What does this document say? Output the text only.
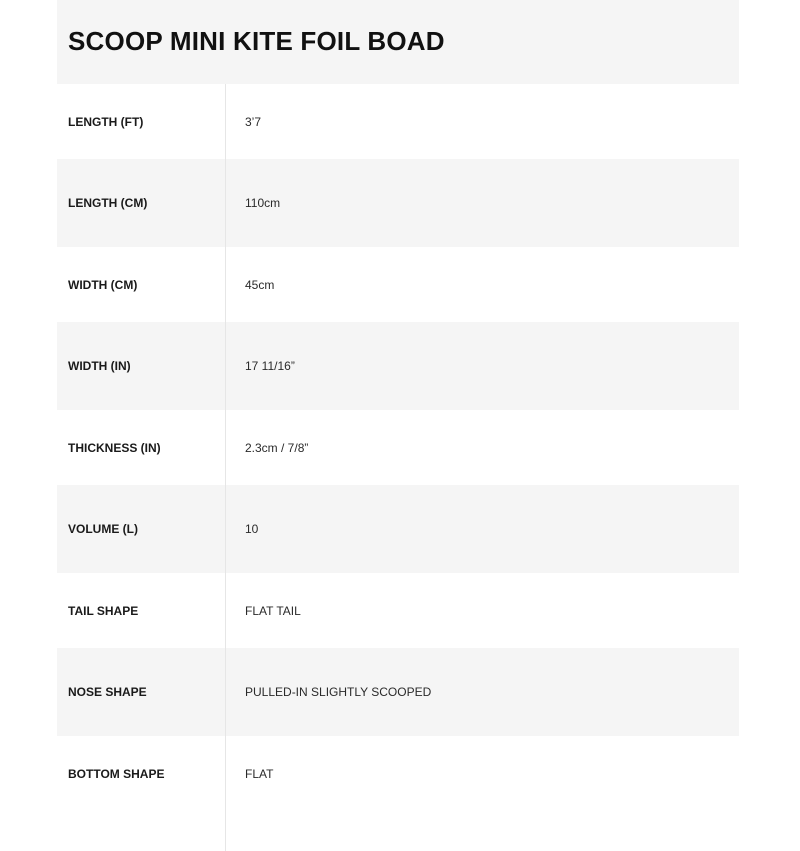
SCOOP MINI KITE FOIL BOAD
LENGTH (FT)	3’7
LENGTH (CM)	110cm
WIDTH (CM)	45cm
WIDTH (IN)	17 11/16”
THICKNESS (IN)	2.3cm / 7/8”
VOLUME (L)	10
TAIL SHAPE	FLAT TAIL
NOSE SHAPE	PULLED-IN SLIGHTLY SCOOPED
BOTTOM SHAPE	FLAT
